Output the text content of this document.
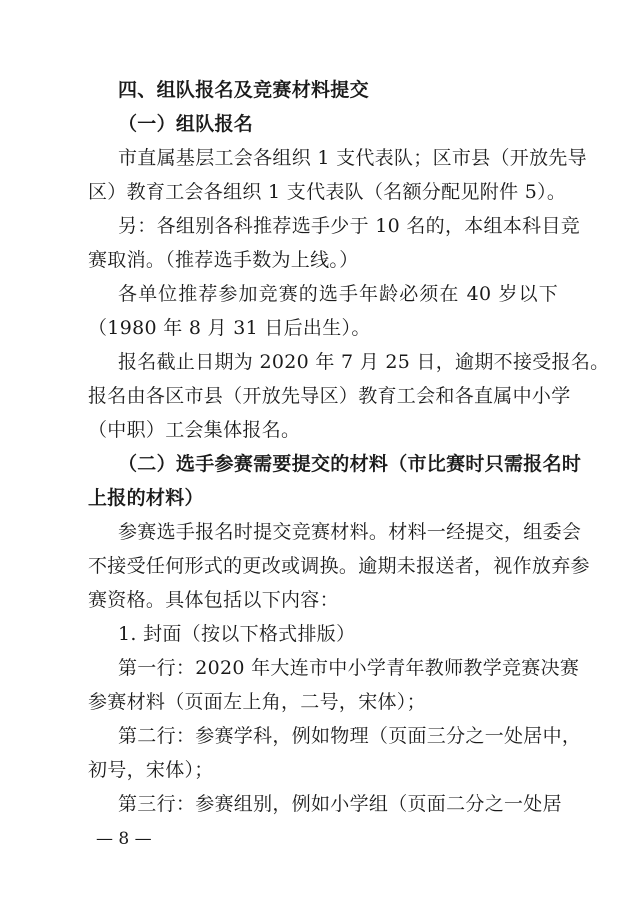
四、组队报名及竞赛材料提交
（一）组队报名
市直属基层工会各组织 1 支代表队；区市县（开放先导
区）教育工会各组织 1 支代表队（名额分配见附件 5）。
另：各组别各科推荐选手少于 10 名的，本组本科目竞
赛取消。（推荐选手数为上线。）
各单位推荐参加竞赛的选手年龄必须在 40 岁以下
（1980 年 8 月 31 日后出生）。
报名截止日期为 2020 年 7 月 25 日，逾期不接受报名。
报名由各区市县（开放先导区）教育工会和各直属中小学
（中职）工会集体报名。
（二）选手参赛需要提交的材料（市比赛时只需报名时
上报的材料）
参赛选手报名时提交竞赛材料。材料一经提交，组委会
不接受任何形式的更改或调换。逾期未报送者，视作放弃参
赛资格。具体包括以下内容：
1. 封面（按以下格式排版）
第一行：2020 年大连市中小学青年教师教学竞赛决赛
参赛材料（页面左上角，二号，宋体）；
第二行：参赛学科，例如物理（页面三分之一处居中，
初号，宋体）；
第三行：参赛组别，例如小学组（页面二分之一处居
— 8 —
